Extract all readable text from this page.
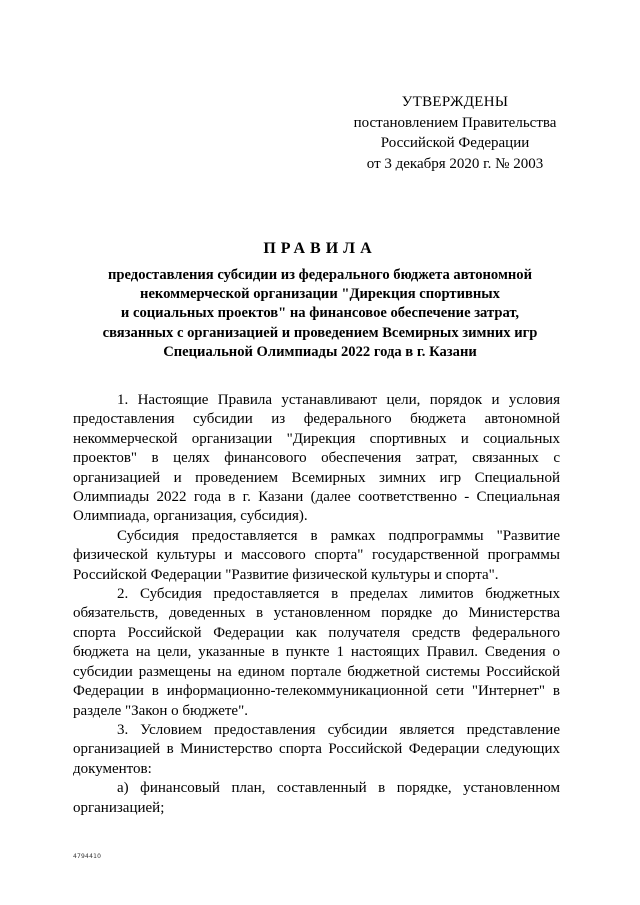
УТВЕРЖДЕНЫ
постановлением Правительства
Российской Федерации
от 3 декабря 2020 г. № 2003
ПРАВИЛА
предоставления субсидии из федерального бюджета автономной
некоммерческой организации "Дирекция спортивных
и социальных проектов" на финансовое обеспечение затрат,
связанных с организацией и проведением Всемирных зимних игр
Специальной Олимпиады 2022 года в г. Казани

1. Настоящие Правила устанавливают цели, порядок и условия предоставления субсидии из федерального бюджета автономной некоммерческой организации "Дирекция спортивных и социальных проектов" в целях финансового обеспечения затрат, связанных с организацией и проведением Всемирных зимних игр Специальной Олимпиады 2022 года в г. Казани (далее соответственно - Специальная Олимпиада, организация, субсидия).

Субсидия предоставляется в рамках подпрограммы "Развитие физической культуры и массового спорта" государственной программы Российской Федерации "Развитие физической культуры и спорта".

2. Субсидия предоставляется в пределах лимитов бюджетных обязательств, доведенных в установленном порядке до Министерства спорта Российской Федерации как получателя средств федерального бюджета на цели, указанные в пункте 1 настоящих Правил. Сведения о субсидии размещены на едином портале бюджетной системы Российской Федерации в информационно-телекоммуникационной сети "Интернет" в разделе "Закон о бюджете".

3. Условием предоставления субсидии является представление организацией в Министерство спорта Российской Федерации следующих документов:

а) финансовый план, составленный в порядке, установленном организацией;

4794410
